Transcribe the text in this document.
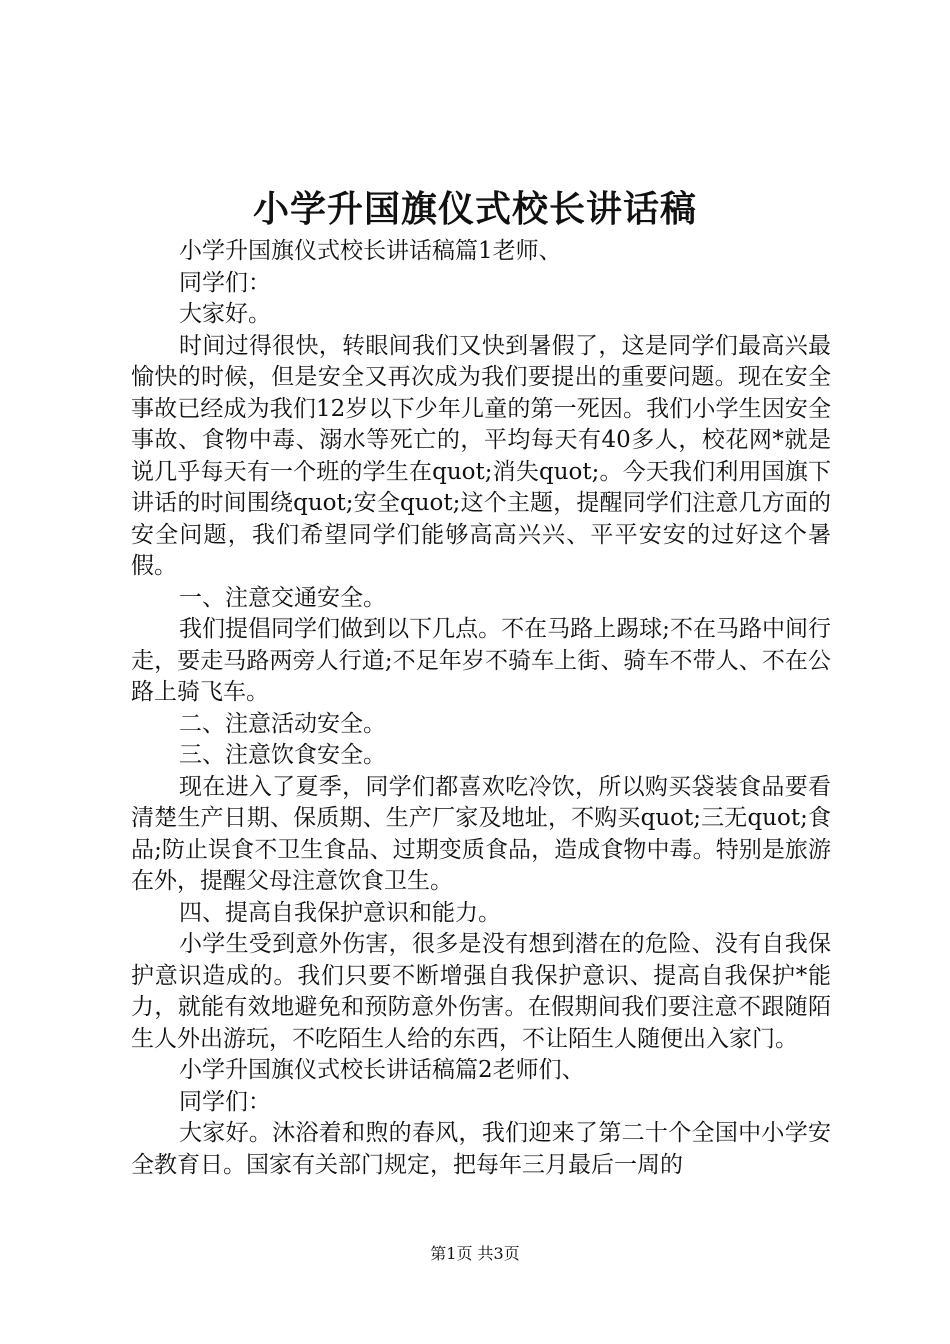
小学升国旗仪式校长讲话稿

小学升国旗仪式校长讲话稿篇1老师、

同学们：

大家好。

时间过得很快，转眼间我们又快到暑假了，这是同学们最高兴最愉快的时候，但是安全又再次成为我们要提出的重要问题。现在安全事故已经成为我们12岁以下少年儿童的第一死因。我们小学生因安全事故、食物中毒、溺水等死亡的，平均每天有40多人，校花网*就是说几乎每天有一个班的学生在quot;消失quot;。今天我们利用国旗下讲话的时间围绕quot;安全quot;这个主题，提醒同学们注意几方面的安全问题，我们希望同学们能够高高兴兴、平平安安的过好这个暑假。

一、注意交通安全。

我们提倡同学们做到以下几点。不在马路上踢球;不在马路中间行走，要走马路两旁人行道;不足年岁不骑车上街、骑车不带人、不在公路上骑飞车。

二、注意活动安全。

三、注意饮食安全。

现在进入了夏季，同学们都喜欢吃冷饮，所以购买袋装食品要看清楚生产日期、保质期、生产厂家及地址，不购买quot;三无quot;食品;防止误食不卫生食品、过期变质食品，造成食物中毒。特别是旅游在外，提醒父母注意饮食卫生。

四、提高自我保护意识和能力。

小学生受到意外伤害，很多是没有想到潜在的危险、没有自我保护意识造成的。我们只要不断增强自我保护意识、提高自我保护*能力，就能有效地避免和预防意外伤害。在假期间我们要注意不跟随陌生人外出游玩，不吃陌生人给的东西，不让陌生人随便出入家门。

小学升国旗仪式校长讲话稿篇2老师们、

同学们：

大家好。沐浴着和煦的春风，我们迎来了第二十个全国中小学安全教育日。国家有关部门规定，把每年三月最后一周的

第1页 共3页
